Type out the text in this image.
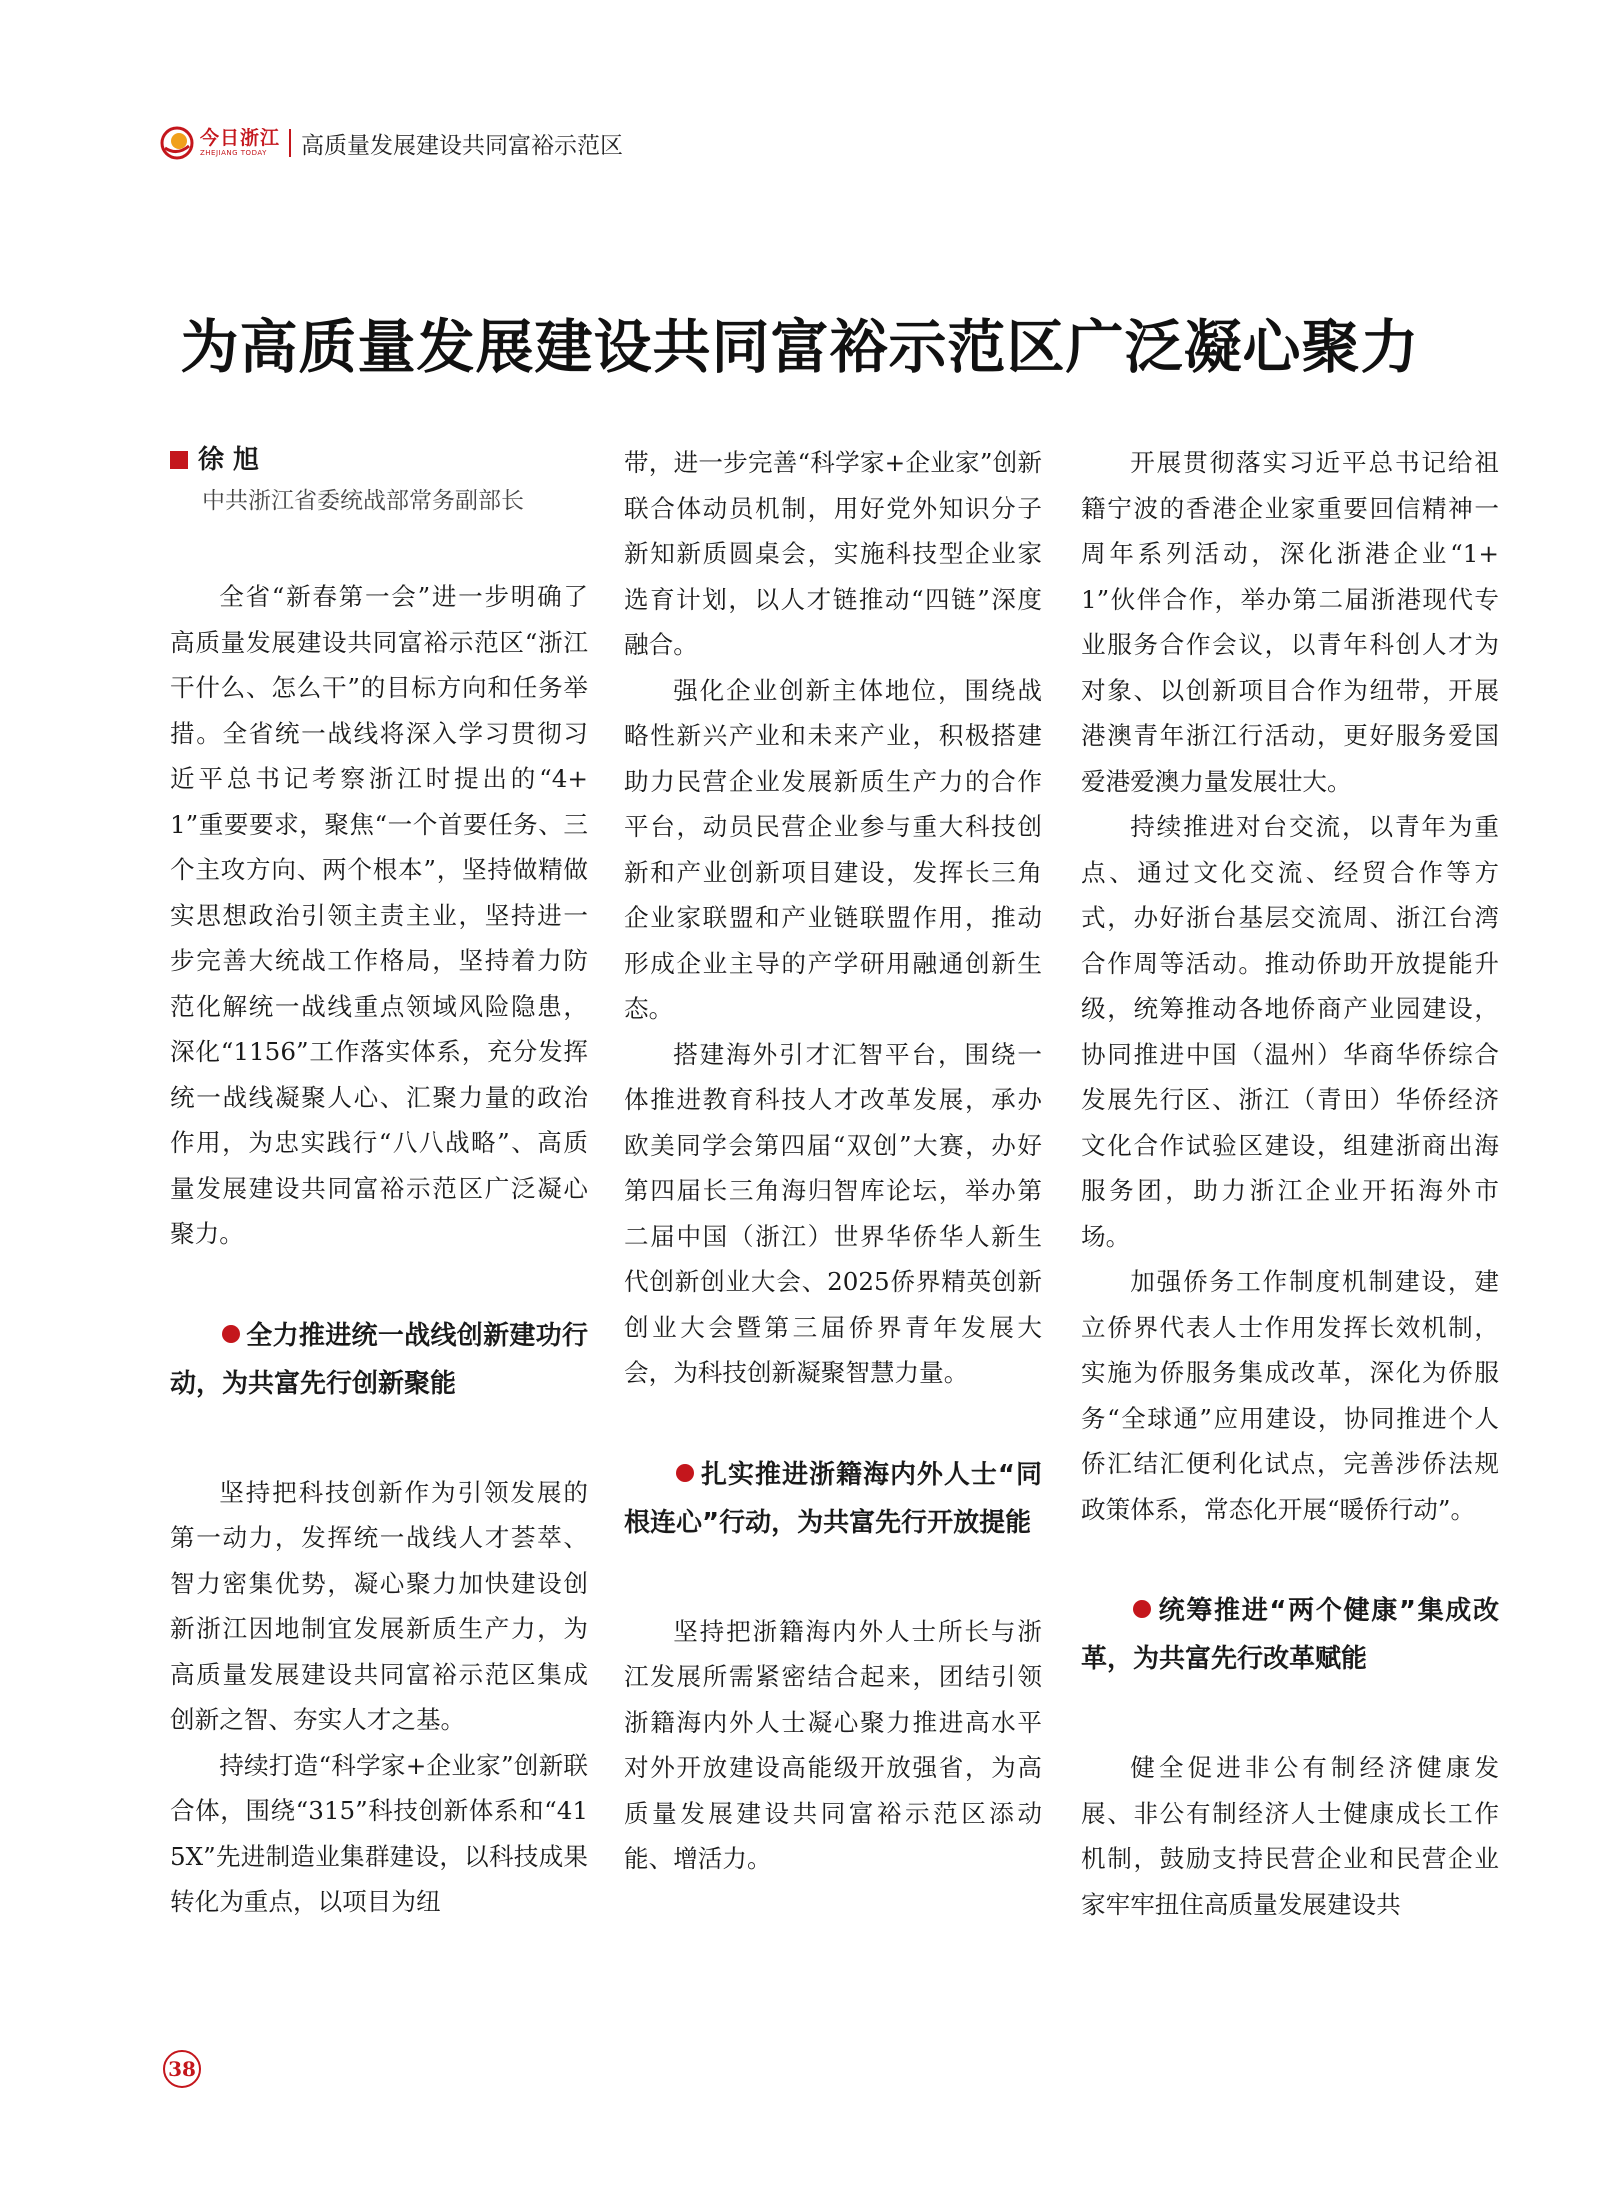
今日浙江
ZHEJIANG TODAY	高质量发展建设共同富裕示范区
为高质量发展建设共同富裕示范区广泛凝心聚力
徐 旭
中共浙江省委统战部常务副部长

全省“新春第一会”进一步明确了高质量发展建设共同富裕示范区“浙江干什么、怎么干”的目标方向和任务举措。全省统一战线将深入学习贯彻习近平总书记考察浙江时提出的“4+1”重要要求，聚焦“一个首要任务、三个主攻方向、两个根本”，坚持做精做实思想政治引领主责主业，坚持进一步完善大统战工作格局，坚持着力防范化解统一战线重点领域风险隐患，深化“1156”工作落实体系，充分发挥统一战线凝聚人心、汇聚力量的政治作用，为忠实践行“八八战略”、高质量发展建设共同富裕示范区广泛凝心聚力。

全力推进统一战线创新建功行动，为共富先行创新聚能

坚持把科技创新作为引领发展的第一动力，发挥统一战线人才荟萃、智力密集优势，凝心聚力加快建设创新浙江因地制宜发展新质生产力，为高质量发展建设共同富裕示范区集成创新之智、夯实人才之基。

持续打造“科学家+企业家”创新联合体，围绕“315”科技创新体系和“415X”先进制造业集群建设，以科技成果转化为重点，以项目为纽

带，进一步完善“科学家+企业家”创新联合体动员机制，用好党外知识分子新知新质圆桌会，实施科技型企业家选育计划，以人才链推动“四链”深度融合。

强化企业创新主体地位，围绕战略性新兴产业和未来产业，积极搭建助力民营企业发展新质生产力的合作平台，动员民营企业参与重大科技创新和产业创新项目建设，发挥长三角企业家联盟和产业链联盟作用，推动形成企业主导的产学研用融通创新生态。

搭建海外引才汇智平台，围绕一体推进教育科技人才改革发展，承办欧美同学会第四届“双创”大赛，办好第四届长三角海归智库论坛，举办第二届中国（浙江）世界华侨华人新生代创新创业大会、2025侨界精英创新创业大会暨第三届侨界青年发展大会，为科技创新凝聚智慧力量。

扎实推进浙籍海内外人士“同根连心”行动，为共富先行开放提能

坚持把浙籍海内外人士所长与浙江发展所需紧密结合起来，团结引领浙籍海内外人士凝心聚力推进高水平对外开放建设高能级开放强省，为高质量发展建设共同富裕示范区添动能、增活力。

开展贯彻落实习近平总书记给祖籍宁波的香港企业家重要回信精神一周年系列活动，深化浙港企业“1+1”伙伴合作，举办第二届浙港现代专业服务合作会议，以青年科创人才为对象、以创新项目合作为纽带，开展港澳青年浙江行活动，更好服务爱国爱港爱澳力量发展壮大。

持续推进对台交流，以青年为重点、通过文化交流、经贸合作等方式，办好浙台基层交流周、浙江台湾合作周等活动。推动侨助开放提能升级，统筹推动各地侨商产业园建设，协同推进中国（温州）华商华侨综合发展先行区、浙江（青田）华侨经济文化合作试验区建设，组建浙商出海服务团，助力浙江企业开拓海外市场。

加强侨务工作制度机制建设，建立侨界代表人士作用发挥长效机制，实施为侨服务集成改革，深化为侨服务“全球通”应用建设，协同推进个人侨汇结汇便利化试点，完善涉侨法规政策体系，常态化开展“暖侨行动”。

统筹推进“两个健康”集成改革，为共富先行改革赋能

健全促进非公有制经济健康发展、非公有制经济人士健康成长工作机制，鼓励支持民营企业和民营企业家牢牢扭住高质量发展建设共

38
